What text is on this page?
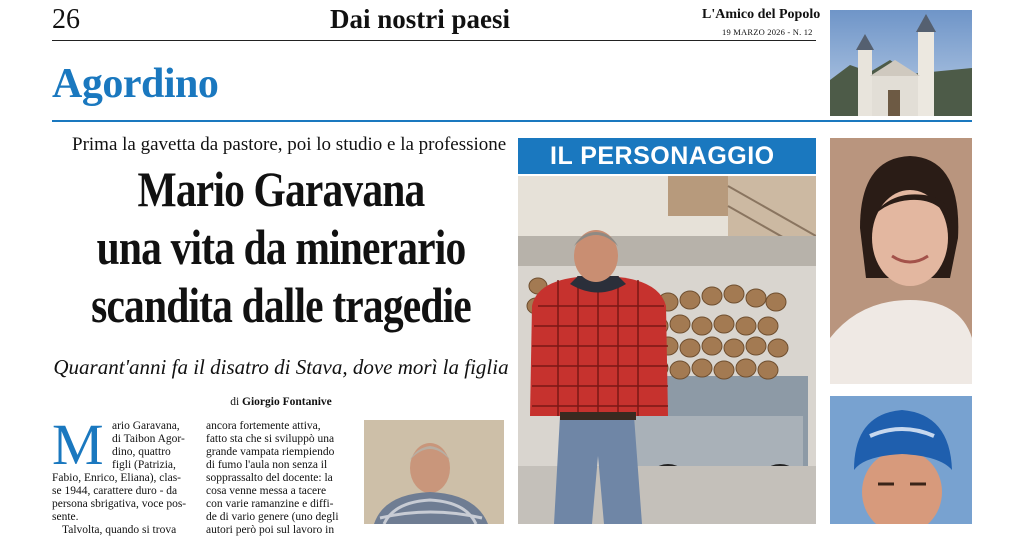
26	Dai nostri paesi	L'Amico del Popolo
19 MARZO 2026 - N. 12
Agordino
Prima la gavetta da pastore, poi lo studio e la professione
Mario Garavana
una vita da minerario
scandita dalle tragedie
Quarant'anni fa il disatro di Stava, dove morì la figlia
di Giorgio Fontanive
M ario Garavana,
di Taibon Agor-
dino, quattro
figli (Patrizia,
Fabio, Enrico, Eliana), clas-
se 1944, carattere duro - da
persona sbrigativa, voce pos-
sente.
Talvolta, quando si trova
ancora fortemente attiva,
fatto sta che si sviluppò una
grande vampata riempiendo
di fumo l'aula non senza il
sopprassalto del docente: la
cosa venne messa a tacere
con varie ramanzine e diffi-
de di vario genere (uno degli
autori però poi sul lavoro in
IL PERSONAGGIO
